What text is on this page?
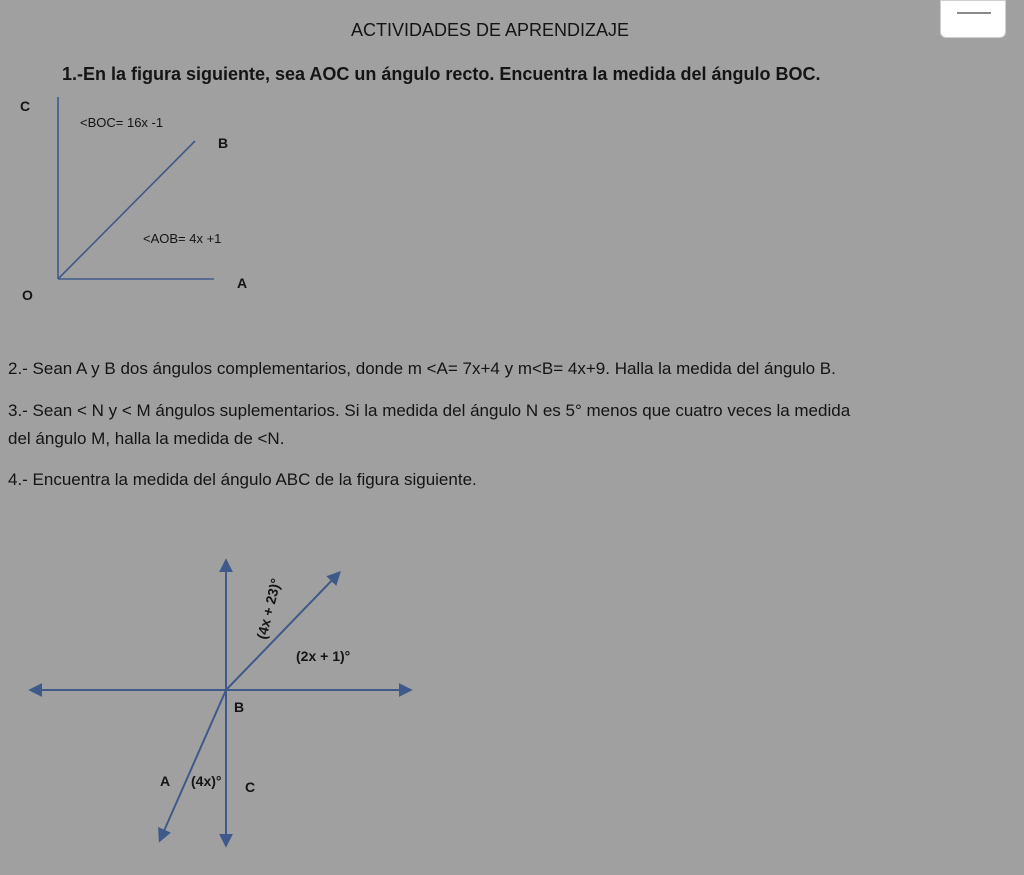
ACTIVIDADES DE APRENDIZAJE
1.-En la figura siguiente, sea AOC un ángulo recto. Encuentra la medida del ángulo BOC.
C
<BOC= 16x -1
B
<AOB= 4x +1
A
O
2.- Sean A y B dos ángulos complementarios, donde m <A= 7x+4 y m<B= 4x+9. Halla la medida del ángulo B.
3.- Sean < N y < M ángulos suplementarios. Si la medida del ángulo N es 5° menos que cuatro veces la medida
del ángulo M, halla la medida de <N.
4.- Encuentra la medida del ángulo ABC de la figura siguiente.
(4x + 23)°
(2x + 1)°
B
A (4x)° C
